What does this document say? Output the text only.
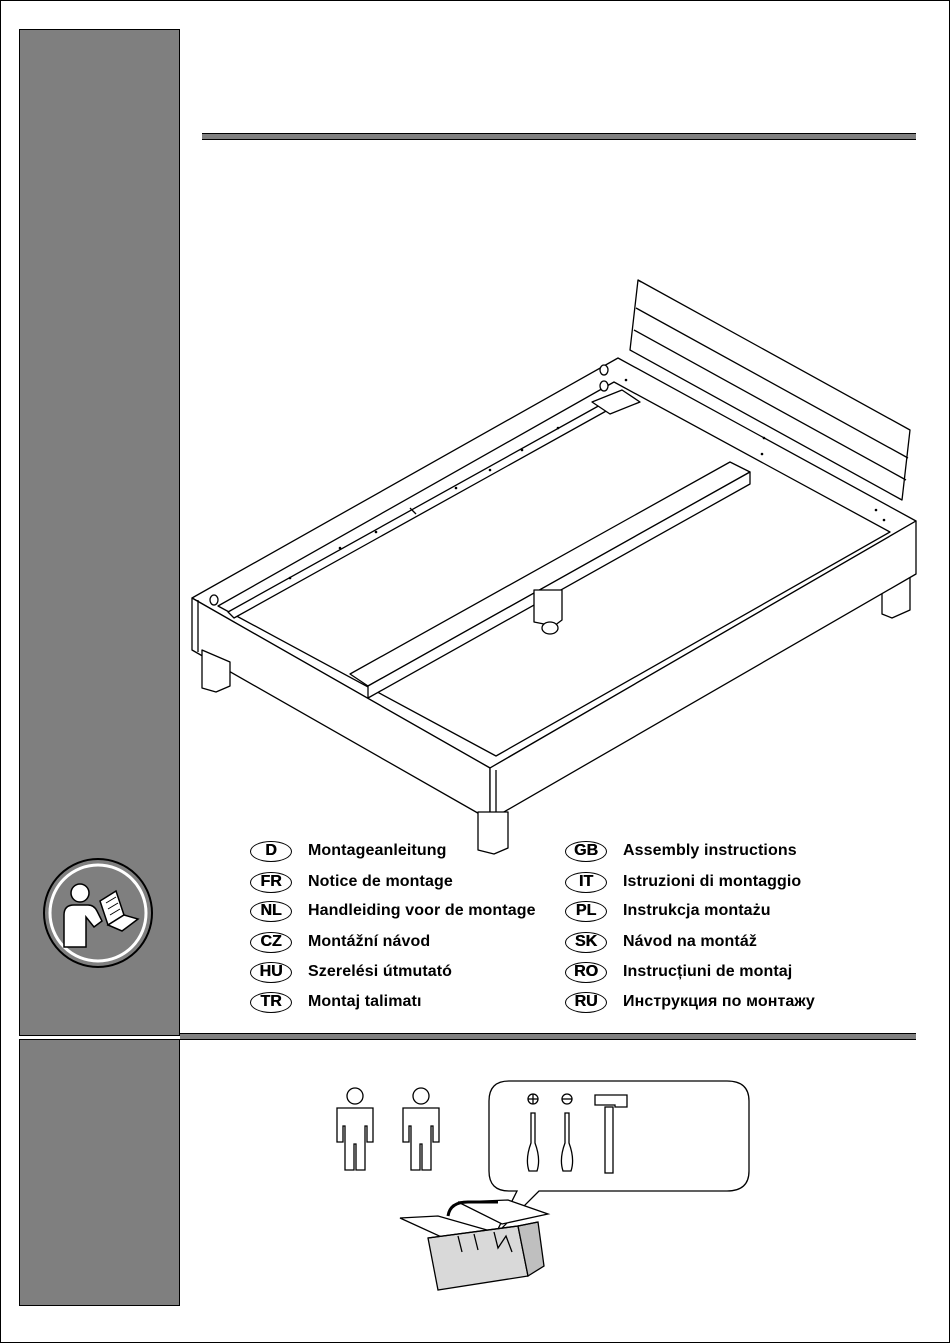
D	Montageanleitung	GB	Assembly instructions
FR	Notice de montage	IT	Istruzioni di montaggio
NL	Handleiding voor de montage	PL	Instrukcja montażu
CZ	Montážní návod	SK	Návod na montáž
HU	Szerelési útmutató	RO	Instrucțiuni de montaj
TR	Montaj talimatı	RU	Инструкция по монтажу
